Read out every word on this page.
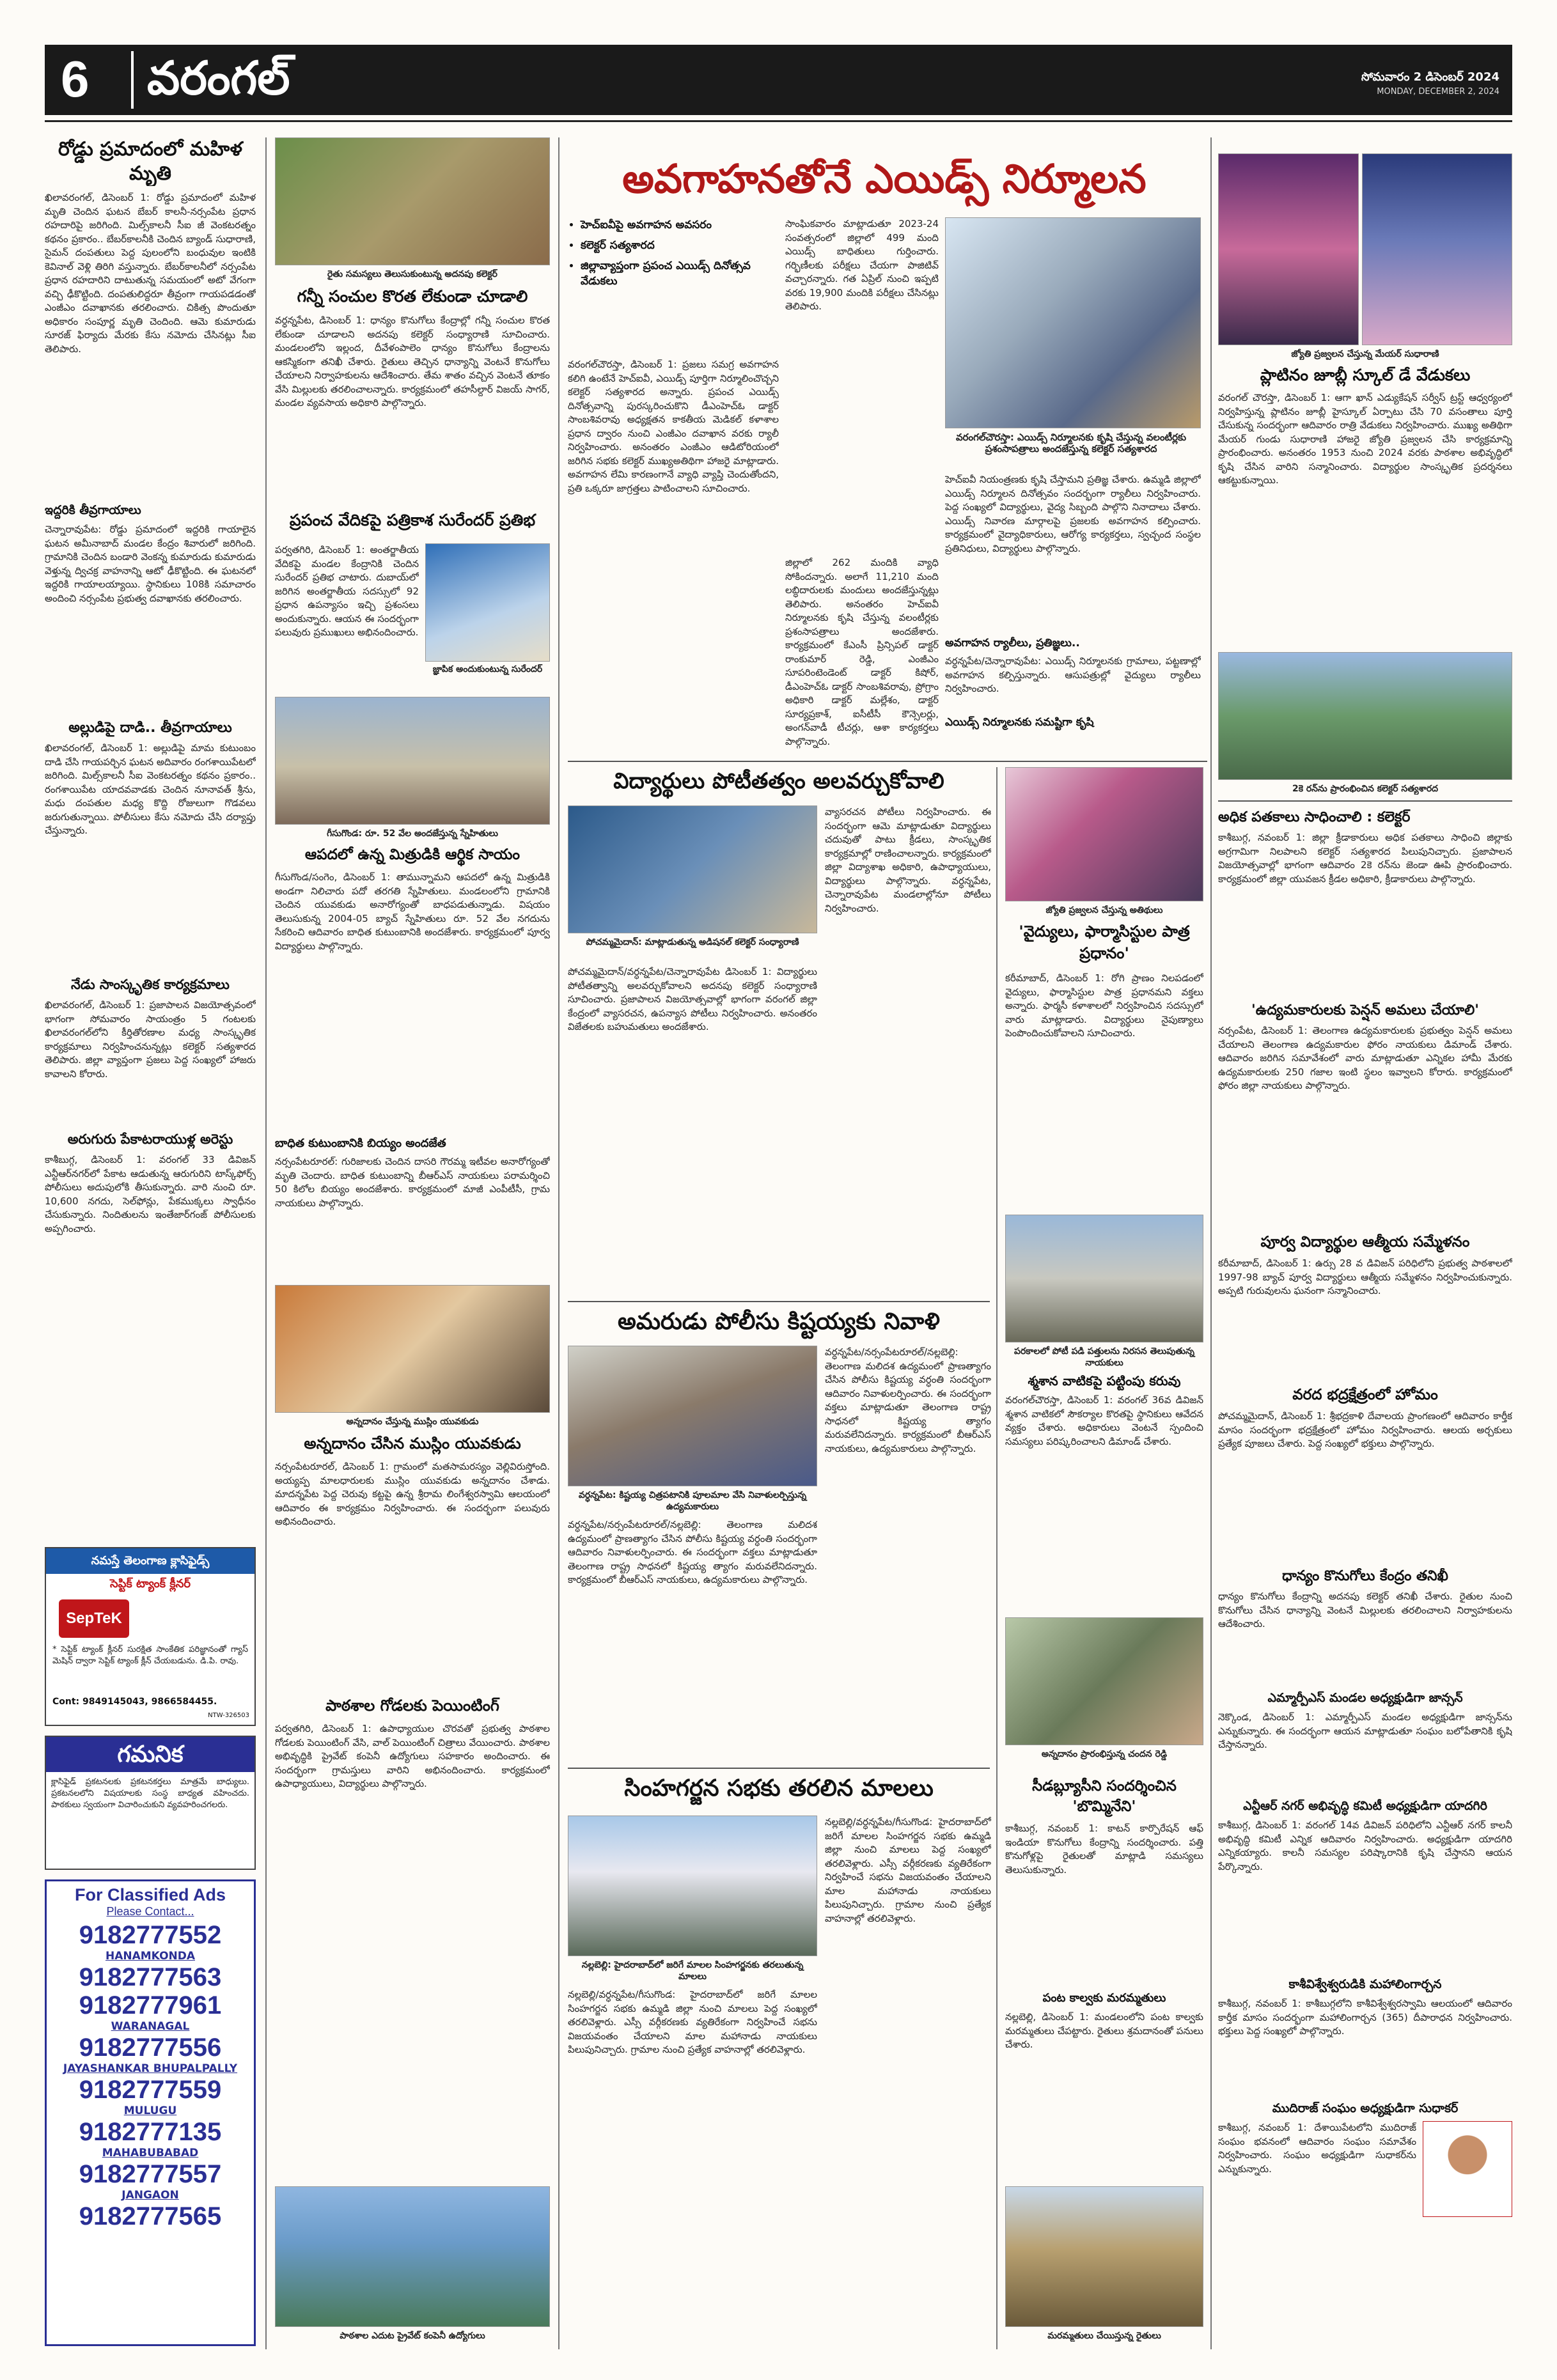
6 వరంగల్	సోమవారం 2 డిసెంబర్ 2024
MONDAY, DECEMBER 2, 2024
రోడ్డు ప్రమాదంలో మహిళ మృతి
ఖిలావరంగల్, డిసెంబర్ 1: రోడ్డు ప్రమాదంలో మహిళ మృతి చెందిన ఘటన బేబర్ కాలనీ-నర్సంపేట ప్రధాన రహదారిపై జరిగింది. మిల్స్‌కాలనీ సీఐ జీ వెంకటరత్నం కథనం ప్రకారం.. బేబర్‌కాలనీకి చెందిన బ్యాండ్ సుధారాణి, సైమన్ దంపతులు పెద్ద పులంలోని బంధువుల ఇంటికి కెవినాల్ వెళ్లి తిరిగి వస్తున్నారు. బేబర్‌కాలనీలో నర్సంపేట ప్రధాన రహదారిని దాటుతున్న సమయంలో అటో వేగంగా వచ్చి ఢీకొట్టింది. దంపతులిద్దరూ తీవ్రంగా గాయపడడంతో ఎంజీఎం దవాఖానకు తరలించారు. చికిత్స పొందుతూ అధికారం సంపూర్ణ మృతి చెందింది. ఆమె కుమారుడు సూరజ్ ఫిర్యాదు మేరకు కేసు నమోదు చేసినట్లు సీఐ తెలిపారు.
ఇద్దరికి తీవ్రగాయాలు
చెన్నారావుపేట: రోడ్డు ప్రమాదంలో ఇద్దరికి గాయాలైన ఘటన అమీనాబాద్ మండల కేంద్రం శివారులో జరిగింది. గ్రామానికి చెందిన బండారి వెంకన్న కుమారుడు కుమారుడు వెళ్తున్న ద్విచక్ర వాహనాన్ని ఆటో ఢీకొట్టింది. ఈ ఘటనలో ఇద్దరికి గాయాలయ్యాయి. స్థానికులు 108కి సమాచారం అందించి నర్సంపేట ప్రభుత్వ దవాఖానకు తరలించారు.
అల్లుడిపై దాడి.. తీవ్రగాయాలు
ఖిలావరంగల్, డిసెంబర్ 1: అల్లుడిపై మామ కుటుంబం దాడి చేసి గాయపర్చిన ఘటన అదివారం రంగశాయిపేటలో జరిగింది. మిల్స్‌కాలనీ సీఐ వెంకటరత్నం కథనం ప్రకారం.. రంగశాయిపేట యాదవవాడకు చెందిన నూనావత్ శ్రీను, మధు దంపతుల మధ్య కొద్ది రోజులుగా గొడవలు జరుగుతున్నాయి. పోలీసులు కేసు నమోదు చేసి దర్యాప్తు చేస్తున్నారు.
నేడు సాంస్కృతిక కార్యక్రమాలు
ఖిలావరంగల్, డిసెంబర్ 1: ప్రజాపాలన విజయోత్సవంలో భాగంగా సోమవారం సాయంత్రం 5 గంటలకు ఖిలావరంగల్‌లోని కీర్తితోరణాల మధ్య సాంస్కృతిక కార్యక్రమాలు నిర్వహించనున్నట్లు కలెక్టర్ సత్యశారద తెలిపారు. జిల్లా వ్యాప్తంగా ప్రజలు పెద్ద సంఖ్యలో హాజరు కావాలని కోరారు.
అరుగురు పేకాటరాయుళ్ల అరెస్టు
కాశీబుగ్గ, డిసెంబర్ 1: వరంగల్ 33 డివిజన్ ఎన్టీఆర్‌నగర్‌లో పేకాట ఆడుతున్న ఆరుగురిని టాస్క్‌ఫోర్స్ పోలీసులు అదుపులోకి తీసుకున్నారు. వారి నుంచి రూ. 10,600 నగదు, సెల్‌ఫోన్లు, పేకముక్కలు స్వాధీనం చేసుకున్నారు. నిందితులను ఇంతేజార్‌గంజ్ పోలీసులకు అప్పగించారు.
నమస్తే తెలంగాణ క్లాసిఫైడ్స్
సెప్టిక్ ట్యాంక్ క్లీనర్
SepTeK
* సెప్టిక్ ట్యాంక్ క్లీనర్ సురక్షిత సాంకేతిక పరిజ్ఞానంతో గ్యాస్ మెషిన్ ద్వారా సెప్టిక్ ట్యాంక్ క్లీన్ చేయబడును. డి.పి. రావు.
Cont: 9849145043, 9866584455.
NTW-326503
గమనిక
క్లాసిఫైడ్ ప్రకటనలకు ప్రకటనకర్తలు మాత్రమే బాధ్యులు. ప్రకటనలలోని విషయాలకు సంస్థ బాధ్యత వహించదు. పాఠకులు స్వయంగా విచారించుకుని వ్యవహరించగలరు.
For Classified Ads
Please Contact...
9182777552
HANAMKONDA
9182777563
9182777961
WARANAGAL
9182777556
JAYASHANKAR BHUPALPALLY
9182777559
MULUGU
9182777135
MAHABUBABAD
9182777557
JANGAON
9182777565
రైతు సమస్యలు తెలుసుకుంటున్న అదనపు కలెక్టర్
గన్నీ సంచుల కొరత లేకుండా చూడాలి
వర్ధన్నపేట, డిసెంబర్ 1: ధాన్యం కొనుగోలు కేంద్రాల్లో గన్నీ సంచుల కొరత లేకుండా చూడాలని అదనపు కలెక్టర్ సంధ్యారాణి సూచించారు. మండలంలోని ఇల్లంద, దీవేళంపాలెం ధాన్యం కొనుగోలు కేంద్రాలను ఆకస్మికంగా తనిఖీ చేశారు. రైతులు తెచ్చిన ధాన్యాన్ని వెంటనే కొనుగోలు చేయాలని నిర్వాహకులను ఆదేశించారు. తేమ శాతం వచ్చిన వెంటనే తూకం వేసి మిల్లులకు తరలించాలన్నారు. కార్యక్రమంలో తహసీల్దార్ విజయ్ సాగర్, మండల వ్యవసాయ అధికారి పాల్గొన్నారు.
ప్రపంచ వేదికపై పత్రికాశ సురేందర్ ప్రతిభ
పర్వతగిరి, డిసెంబర్ 1: అంతర్జాతీయ వేదికపై మండల కేంద్రానికి చెందిన సురేందర్ ప్రతిభ చాటారు. దుబాయ్‌లో జరిగిన అంతర్జాతీయ సదస్సులో 92 ప్రధాన ఉపన్యాసం ఇచ్చి ప్రశంసలు అందుకున్నారు. ఆయన ఈ సందర్భంగా పలువురు ప్రముఖులు అభినందించారు.
జ్ఞాపిక అందుకుంటున్న సురేందర్
గీసుగొండ: రూ. 52 వేల అందజేస్తున్న స్నేహితులు
ఆపదలో ఉన్న మిత్రుడికి ఆర్థిక సాయం
గీసుగొండ/సంగెం, డిసెంబర్ 1: తామున్నామని ఆపదలో ఉన్న మిత్రుడికి అండగా నిలిచారు పదో తరగతి స్నేహితులు. మండలంలోని గ్రామానికి చెందిన యువకుడు అనారోగ్యంతో బాధపడుతున్నాడు. విషయం తెలుసుకున్న 2004-05 బ్యాచ్ స్నేహితులు రూ. 52 వేల నగదును సేకరించి ఆదివారం బాధిత కుటుంబానికి అందజేశారు. కార్యక్రమంలో పూర్వ విద్యార్థులు పాల్గొన్నారు.
బాధిత కుటుంబానికి బియ్యం అందజేత
నర్సంపేటరూరల్: గురిజాలకు చెందిన దాసరి గౌరమ్మ ఇటీవల అనారోగ్యంతో మృతి చెందారు. బాధిత కుటుంబాన్ని బీఆర్‌ఎస్ నాయకులు పరామర్శించి 50 కిలోల బియ్యం అందజేశారు. కార్యక్రమంలో మాజీ ఎంపీటీసీ, గ్రామ నాయకులు పాల్గొన్నారు.
అన్నదానం చేస్తున్న ముస్లిం యువకుడు
అన్నదానం చేసిన ముస్లిం యువకుడు
నర్సంపేటరూరల్, డిసెంబర్ 1: గ్రామంలో మతసామరస్యం వెల్లివిరుస్తోంది. అయ్యప్ప మాలధారులకు ముస్లిం యువకుడు అన్నదానం చేశాడు. మాదన్నపేట పెద్ద చెరువు కట్టపై ఉన్న శ్రీరామ లింగేశ్వరస్వామి ఆలయంలో ఆదివారం ఈ కార్యక్రమం నిర్వహించారు. ఈ సందర్భంగా పలువురు అభినందించారు.
పాఠశాల గోడలకు పెయింటింగ్
పర్వతగిరి, డిసెంబర్ 1: ఉపాధ్యాయుల చొరవతో ప్రభుత్వ పాఠశాల గోడలకు పెయింటింగ్ వేసి, వాల్ పెయింటింగ్ చిత్రాలు వేయించారు. పాఠశాల అభివృద్ధికి ప్రైవేట్ కంపెనీ ఉద్యోగులు సహకారం అందించారు. ఈ సందర్భంగా గ్రామస్తులు వారిని అభినందించారు. కార్యక్రమంలో ఉపాధ్యాయులు, విద్యార్థులు పాల్గొన్నారు.
పాఠశాల ఎదుట ప్రైవేట్ కంపెనీ ఉద్యోగులు
అవగాహనతోనే ఎయిడ్స్ నిర్మూలన
• హెచ్ఐవీపై అవగాహన అవసరం
• కలెక్టర్ సత్యశారద
• జిల్లావ్యాప్తంగా ప్రపంచ ఎయిడ్స్ దినోత్సవ వేడుకలు
సాంఘికవారం మాట్లాడుతూ 2023-24 సంవత్సరంలో జిల్లాలో 499 మంది ఎయిడ్స్ బాధితులు గుర్తించారు. గర్భిణీలకు పరీక్షలు చేయగా పాజిటివ్ వచ్చారన్నారు. గత ఏప్రిల్ నుంచి ఇప్పటి వరకు 19,900 మందికి పరీక్షలు చేసినట్లు తెలిపారు.
వరంగల్‌చౌరస్తా: ఎయిడ్స్ నిర్మూలనకు కృషి చేస్తున్న వలంటీర్లకు ప్రశంసాపత్రాలు అందజేస్తున్న కలెక్టర్ సత్యశారద
వరంగల్‌చౌరస్తా, డిసెంబర్ 1: ప్రజలు సమగ్ర అవగాహన కలిగి ఉంటేనే హెచ్ఐవీ, ఎయిడ్స్ పూర్తిగా నిర్మూలించొచ్చని కలెక్టర్ సత్యశారద అన్నారు. ప్రపంచ ఎయిడ్స్ దినోత్సవాన్ని పురస్కరించుకొని డీఎంహెచ్‌ఓ డాక్టర్ సాంబశివరావు అధ్యక్షతన కాకతీయ మెడికల్ కళాశాల ప్రధాన ద్వారం నుంచి ఎంజీఎం దవాఖాన వరకు ర్యాలీ నిర్వహించారు. అనంతరం ఎంజీఎం ఆడిటోరియంలో జరిగిన సభకు కలెక్టర్ ముఖ్యఅతిథిగా హాజరై మాట్లాడారు. అవగాహన లేమి కారణంగానే వ్యాధి వ్యాప్తి చెందుతోందని, ప్రతి ఒక్కరూ జాగ్రత్తలు పాటించాలని సూచించారు.
జిల్లాలో 262 మందికి వ్యాధి సోకిందన్నారు. అలాగే 11,210 మంది లబ్ధిదారులకు మందులు అందజేస్తున్నట్లు తెలిపారు. అనంతరం హెచ్ఐవీ నిర్మూలనకు కృషి చేస్తున్న వలంటీర్లకు ప్రశంసాపత్రాలు అందజేశారు. కార్యక్రమంలో కేఎంసీ ప్రిన్సిపల్ డాక్టర్ రాంకుమార్ రెడ్డి, ఎంజీఎం సూపరింటెండెంట్ డాక్టర్ కిషోర్, డీఎంహెచ్‌ఓ డాక్టర్ సాంబశివరావు, ప్రోగ్రాం అధికారి డాక్టర్ మల్లేశం, డాక్టర్ సూర్యప్రకాశ్, ఐసీటీసీ కౌన్సెలర్లు, అంగన్‌వాడీ టీచర్లు, ఆశా కార్యకర్తలు పాల్గొన్నారు.
హెచ్ఐవీ నియంత్రణకు కృషి చేస్తామని ప్రతిజ్ఞ చేశారు. ఉమ్మడి జిల్లాలో ఎయిడ్స్ నిర్మూలన దినోత్సవం సందర్భంగా ర్యాలీలు నిర్వహించారు. పెద్ద సంఖ్యలో విద్యార్థులు, వైద్య సిబ్బంది పాల్గొని నినాదాలు చేశారు. ఎయిడ్స్ నివారణ మార్గాలపై ప్రజలకు అవగాహన కల్పించారు. కార్యక్రమంలో వైద్యాధికారులు, ఆరోగ్య కార్యకర్తలు, స్వచ్ఛంద సంస్థల ప్రతినిధులు, విద్యార్థులు పాల్గొన్నారు.
అవగాహన ర్యాలీలు, ప్రతిజ్ఞలు..
వర్ధన్నపేట/చెన్నారావుపేట: ఎయిడ్స్ నిర్మూలనకు గ్రామాలు, పట్టణాల్లో అవగాహన కల్పిస్తున్నారు. ఆసుపత్రుల్లో వైద్యులు ర్యాలీలు నిర్వహించారు.
ఎయిడ్స్ నిర్మూలనకు సమష్టిగా కృషి
విద్యార్థులు పోటీతత్వం అలవర్చుకోవాలి
పోచమ్మమైదాన్: మాట్లాడుతున్న అడిషనల్ కలెక్టర్ సంధ్యారాణి
పోచమ్మమైదాన్/వర్ధన్నపేట/చెన్నారావుపేట డిసెంబర్ 1: విద్యార్థులు పోటీతత్వాన్ని అలవర్చుకోవాలని అదనపు కలెక్టర్ సంధ్యారాణి సూచించారు. ప్రజాపాలన విజయోత్సవాల్లో భాగంగా వరంగల్ జిల్లా కేంద్రంలో వ్యాసరచన, ఉపన్యాస పోటీలు నిర్వహించారు. అనంతరం విజేతలకు బహుమతులు అందజేశారు.
వ్యాసరచన పోటీలు నిర్వహించారు. ఈ సందర్భంగా ఆమె మాట్లాడుతూ విద్యార్థులు చదువుతో పాటు క్రీడలు, సాంస్కృతిక కార్యక్రమాల్లో రాణించాలన్నారు. కార్యక్రమంలో జిల్లా విద్యాశాఖ అధికారి, ఉపాధ్యాయులు, విద్యార్థులు పాల్గొన్నారు. వర్ధన్నపేట, చెన్నారావుపేట మండలాల్లోనూ పోటీలు నిర్వహించారు.
అమరుడు పోలీసు కిష్టయ్యకు నివాళి
వర్ధన్నపేట: కిష్టయ్య చిత్రపటానికి పూలమాల వేసి నివాళులర్పిస్తున్న ఉద్యమకారులు
వర్ధన్నపేట/నర్సంపేటరూరల్/నల్లబెల్లి: తెలంగాణ మలిదశ ఉద్యమంలో ప్రాణత్యాగం చేసిన పోలీసు కిష్టయ్య వర్ధంతి సందర్భంగా ఆదివారం నివాళులర్పించారు. ఈ సందర్భంగా వక్తలు మాట్లాడుతూ తెలంగాణ రాష్ట్ర సాధనలో కిష్టయ్య త్యాగం మరువలేనిదన్నారు. కార్యక్రమంలో బీఆర్‌ఎస్ నాయకులు, ఉద్యమకారులు పాల్గొన్నారు.
వర్ధన్నపేట/నర్సంపేటరూరల్/నల్లబెల్లి: తెలంగాణ మలిదశ ఉద్యమంలో ప్రాణత్యాగం చేసిన పోలీసు కిష్టయ్య వర్ధంతి సందర్భంగా ఆదివారం నివాళులర్పించారు. ఈ సందర్భంగా వక్తలు మాట్లాడుతూ తెలంగాణ రాష్ట్ర సాధనలో కిష్టయ్య త్యాగం మరువలేనిదన్నారు. కార్యక్రమంలో బీఆర్‌ఎస్ నాయకులు, ఉద్యమకారులు పాల్గొన్నారు.
సింహగర్జన సభకు తరలిన మాలలు
నల్లబెల్లి: హైదరాబాద్‌లో జరిగే మాలల సింహగర్జనకు తరలుతున్న మాలలు
నల్లబెల్లి/వర్ధన్నపేట/గీసుగొండ: హైదరాబాద్‌లో జరిగే మాలల సింహగర్జన సభకు ఉమ్మడి జిల్లా నుంచి మాలలు పెద్ద సంఖ్యలో తరలివెళ్లారు. ఎస్సీ వర్గీకరణకు వ్యతిరేకంగా నిర్వహించే సభను విజయవంతం చేయాలని మాల మహానాడు నాయకులు పిలుపునిచ్చారు. గ్రామాల నుంచి ప్రత్యేక వాహనాల్లో తరలివెళ్లారు.
నల్లబెల్లి/వర్ధన్నపేట/గీసుగొండ: హైదరాబాద్‌లో జరిగే మాలల సింహగర్జన సభకు ఉమ్మడి జిల్లా నుంచి మాలలు పెద్ద సంఖ్యలో తరలివెళ్లారు. ఎస్సీ వర్గీకరణకు వ్యతిరేకంగా నిర్వహించే సభను విజయవంతం చేయాలని మాల మహానాడు నాయకులు పిలుపునిచ్చారు. గ్రామాల నుంచి ప్రత్యేక వాహనాల్లో తరలివెళ్లారు.
జ్యోతి ప్రజ్వలన చేస్తున్న అతిథులు
'వైద్యులు, ఫార్మాసిస్టుల పాత్ర ప్రధానం'
కరీమాబాద్, డిసెంబర్ 1: రోగి ప్రాణం నిలపడంలో వైద్యులు, ఫార్మాసిస్టుల పాత్ర ప్రధానమని వక్తలు అన్నారు. ఫార్మసీ కళాశాలలో నిర్వహించిన సదస్సులో వారు మాట్లాడారు. విద్యార్థులు నైపుణ్యాలు పెంపొందించుకోవాలని సూచించారు.
పరకాలలో పోటీ పడి పత్తులను నిరసన తెలుపుతున్న నాయకులు
శ్మశాన వాటికపై పట్టింపు కరువు
వరంగల్‌చౌరస్తా, డిసెంబర్ 1: వరంగల్ 36వ డివిజన్ శ్మశాన వాటికలో సౌకర్యాల కొరతపై స్థానికులు ఆవేదన వ్యక్తం చేశారు. అధికారులు వెంటనే స్పందించి సమస్యలు పరిష్కరించాలని డిమాండ్ చేశారు.
అన్నదానం ప్రారంభిస్తున్న చందన రెడ్డి
సీడబ్ల్యూసీని సందర్శించిన 'బొమ్మినేని'
కాశీబుగ్గ, నవంబర్ 1: కాటన్ కార్పొరేషన్ ఆఫ్ ఇండియా కొనుగోలు కేంద్రాన్ని సందర్శించారు. పత్తి కొనుగోళ్లపై రైతులతో మాట్లాడి సమస్యలు తెలుసుకున్నారు.
పంట కాల్వకు మరమ్మతులు
నల్లబెల్లి, డిసెంబర్ 1: మండలంలోని పంట కాల్వకు మరమ్మతులు చేపట్టారు. రైతులు శ్రమదానంతో పనులు చేశారు.
మరమ్మతులు చేయిస్తున్న రైతులు
జ్యోతి ప్రజ్వలన చేస్తున్న మేయర్ సుధారాణి
ప్లాటినం జూబ్లీ స్కూల్ డే వేడుకలు
వరంగల్ చౌరస్తా, డిసెంబర్ 1: ఆగా ఖాన్ ఎడ్యుకేషన్ సర్వీస్ ట్రస్ట్ ఆధ్వర్యంలో నిర్వహిస్తున్న ప్లాటినం జూబ్లీ హైస్కూల్ ఏర్పాటు చేసి 70 వసంతాలు పూర్తి చేసుకున్న సందర్భంగా ఆదివారం రాత్రి వేడుకలు నిర్వహించారు. ముఖ్య అతిథిగా మేయర్ గుండు సుధారాణి హాజరై జ్యోతి ప్రజ్వలన చేసి కార్యక్రమాన్ని ప్రారంభించారు. అనంతరం 1953 నుంచి 2024 వరకు పాఠశాల అభివృద్ధిలో కృషి చేసిన వారిని సన్మానించారు. విద్యార్థుల సాంస్కృతిక ప్రదర్శనలు ఆకట్టుకున్నాయి.
2కె రన్‌ను ప్రారంభించిన కలెక్టర్ సత్యశారద
అధిక పతకాలు సాధించాలి : కలెక్టర్
కాశీబుగ్గ, నవంబర్ 1: జిల్లా క్రీడాకారులు అధిక పతకాలు సాధించి జిల్లాకు అగ్రగామిగా నిలపాలని కలెక్టర్ సత్యశారద పిలుపునిచ్చారు. ప్రజాపాలన విజయోత్సవాల్లో భాగంగా ఆదివారం 2కె రన్‌ను జెండా ఊపి ప్రారంభించారు. కార్యక్రమంలో జిల్లా యువజన క్రీడల అధికారి, క్రీడాకారులు పాల్గొన్నారు.
'ఉద్యమకారులకు పెన్షన్ అమలు చేయాలి'
నర్సంపేట, డిసెంబర్ 1: తెలంగాణ ఉద్యమకారులకు ప్రభుత్వం పెన్షన్ అమలు చేయాలని తెలంగాణ ఉద్యమకారుల ఫోరం నాయకులు డిమాండ్ చేశారు. ఆదివారం జరిగిన సమావేశంలో వారు మాట్లాడుతూ ఎన్నికల హామీ మేరకు ఉద్యమకారులకు 250 గజాల ఇంటి స్థలం ఇవ్వాలని కోరారు. కార్యక్రమంలో ఫోరం జిల్లా నాయకులు పాల్గొన్నారు.
పూర్వ విద్యార్థుల ఆత్మీయ సమ్మేళనం
కరీమాబాద్, డిసెంబర్ 1: ఉర్సు 28 వ డివిజన్ పరిధిలోని ప్రభుత్వ పాఠశాలలో 1997-98 బ్యాచ్ పూర్వ విద్యార్థులు ఆత్మీయ సమ్మేళనం నిర్వహించుకున్నారు. అప్పటి గురువులను ఘనంగా సన్మానించారు.
వరద భద్రక్షేత్రంలో హోమం
పోచమ్మమైదాన్, డిసెంబర్ 1: శ్రీభద్రకాళి దేవాలయ ప్రాంగణంలో ఆదివారం కార్తీక మాసం సందర్భంగా భద్రక్షేత్రంలో హోమం నిర్వహించారు. ఆలయ అర్చకులు ప్రత్యేక పూజలు చేశారు. పెద్ద సంఖ్యలో భక్తులు పాల్గొన్నారు.
ధాన్యం కొనుగోలు కేంద్రం తనిఖీ
ధాన్యం కొనుగోలు కేంద్రాన్ని అదనపు కలెక్టర్ తనిఖీ చేశారు. రైతుల నుంచి కొనుగోలు చేసిన ధాన్యాన్ని వెంటనే మిల్లులకు తరలించాలని నిర్వాహకులను ఆదేశించారు.
ఎమ్మార్పీఎస్ మండల అధ్యక్షుడిగా జాన్సన్
నెక్కొండ, డిసెంబర్ 1: ఎమ్మార్పీఎస్ మండల అధ్యక్షుడిగా జాన్సన్‌ను ఎన్నుకున్నారు. ఈ సందర్భంగా ఆయన మాట్లాడుతూ సంఘం బలోపేతానికి కృషి చేస్తానన్నారు.
ఎన్టీఆర్ నగర్ అభివృద్ధి కమిటీ అధ్యక్షుడిగా యాదగిరి
కాశీబుగ్గ, డిసెంబర్ 1: వరంగల్ 14వ డివిజన్ పరిధిలోని ఎన్టీఆర్ నగర్ కాలనీ అభివృద్ధి కమిటీ ఎన్నిక ఆదివారం నిర్వహించారు. అధ్యక్షుడిగా యాదగిరి ఎన్నికయ్యారు. కాలనీ సమస్యల పరిష్కారానికి కృషి చేస్తానని ఆయన పేర్కొన్నారు.
కాశీవిశ్వేశ్వరుడికి మహాలింగార్చన
కాశీబుగ్గ, నవంబర్ 1: కాశీబుగ్గలోని కాశీవిశ్వేశ్వరస్వామి ఆలయంలో ఆదివారం కార్తీక మాసం సందర్భంగా మహాలింగార్చన (365) దీపారాధన నిర్వహించారు. భక్తులు పెద్ద సంఖ్యలో పాల్గొన్నారు.
ముదిరాజ్ సంఘం అధ్యక్షుడిగా సుధాకర్
కాశీబుగ్గ, నవంబర్ 1: దేశాయిపేటలోని ముదిరాజ్ సంఘం భవనంలో ఆదివారం సంఘం సమావేశం నిర్వహించారు. సంఘం అధ్యక్షుడిగా సుధాకర్‌ను ఎన్నుకున్నారు.
